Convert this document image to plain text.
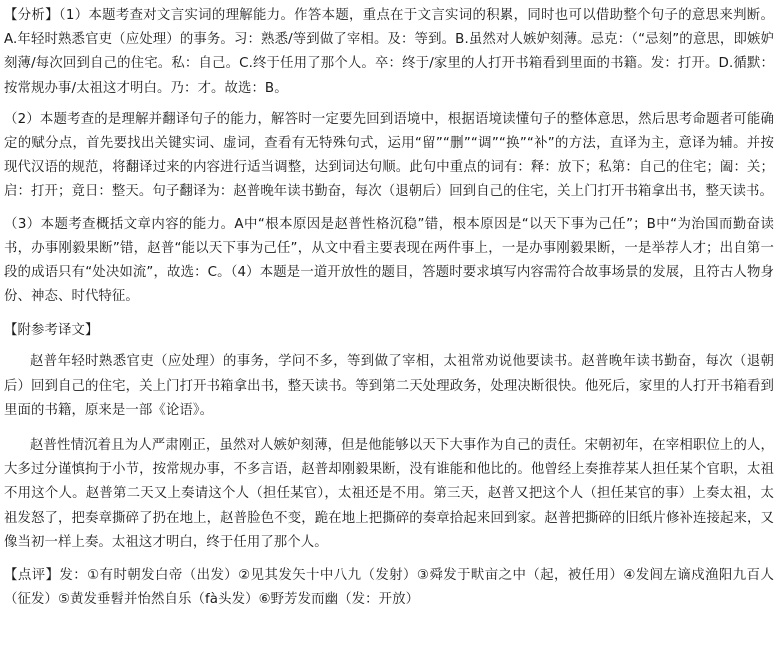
【分析】（1）本题考查对文言实词的理解能力。作答本题，重点在于文言实词的积累，同时也可以借助整个句子的意思来判断。A.年轻时熟悉官吏（应处理）的事务。习：熟悉/等到做了宰相。及：等到。B.虽然对人嫉妒刻薄。忌克：（“忌刻”的意思，即嫉妒刻薄/每次回到自己的住宅。私：自己。C.终于任用了那个人。卒：终于/家里的人打开书箱看到里面的书籍。发：打开。D.循默：按常规办事/太祖这才明白。乃：才。故选：B。

（2）本题考查的是理解并翻译句子的能力，解答时一定要先回到语境中，根据语境读懂句子的整体意思，然后思考命题者可能确定的赋分点，首先要找出关键实词、虚词，查看有无特殊句式，运用“留”“删”“调”“换”“补”的方法，直译为主，意译为辅。并按现代汉语的规范，将翻译过来的内容进行适当调整，达到词达句顺。此句中重点的词有：释：放下；私第：自己的住宅；阖：关；启：打开；竟日：整天。句子翻译为：赵普晚年读书勤奋，每次（退朝后）回到自己的住宅，关上门打开书箱拿出书，整天读书。

（3）本题考查概括文章内容的能力。A中“根本原因是赵普性格沉稳”错，根本原因是“以天下事为己任”；B中“为治国而勤奋读书，办事刚毅果断”错，赵普“能以天下事为己任”，从文中看主要表现在两件事上，一是办事刚毅果断，一是举荐人才；出自第一段的成语只有“处决如流”，故选：C。（4）本题是一道开放性的题目，答题时要求填写内容需符合故事场景的发展，且符古人物身份、神态、时代特征。

【附参考译文】

赵普年轻时熟悉官吏（应处理）的事务，学问不多，等到做了宰相，太祖常劝说他要读书。赵普晚年读书勤奋，每次（退朝后）回到自己的住宅，关上门打开书箱拿出书，整天读书。等到第二天处理政务，处理决断很快。他死后，家里的人打开书箱看到里面的书籍，原来是一部《论语》。

赵普性情沉着且为人严肃刚正，虽然对人嫉妒刻薄，但是他能够以天下大事作为自己的责任。宋朝初年，在宰相职位上的人，大多过分谨慎拘于小节，按常规办事，不多言语，赵普却刚毅果断，没有谁能和他比的。他曾经上奏推荐某人担任某个官职，太祖不用这个人。赵普第二天又上奏请这个人（担任某官），太祖还是不用。第三天，赵普又把这个人（担任某官的事）上奏太祖，太祖发怒了，把奏章撕碎了扔在地上，赵普脸色不变，跪在地上把撕碎的奏章拾起来回到家。赵普把撕碎的旧纸片修补连接起来，又像当初一样上奏。太祖这才明白，终于任用了那个人。

【点评】发：①有时朝发白帝（出发）②见其发矢十中八九（发射）③舜发于畎亩之中（起，被任用）④发闾左谪戍渔阳九百人（征发）⑤黄发垂髫并怡然自乐（fà头发）⑥野芳发而幽（发：开放）
